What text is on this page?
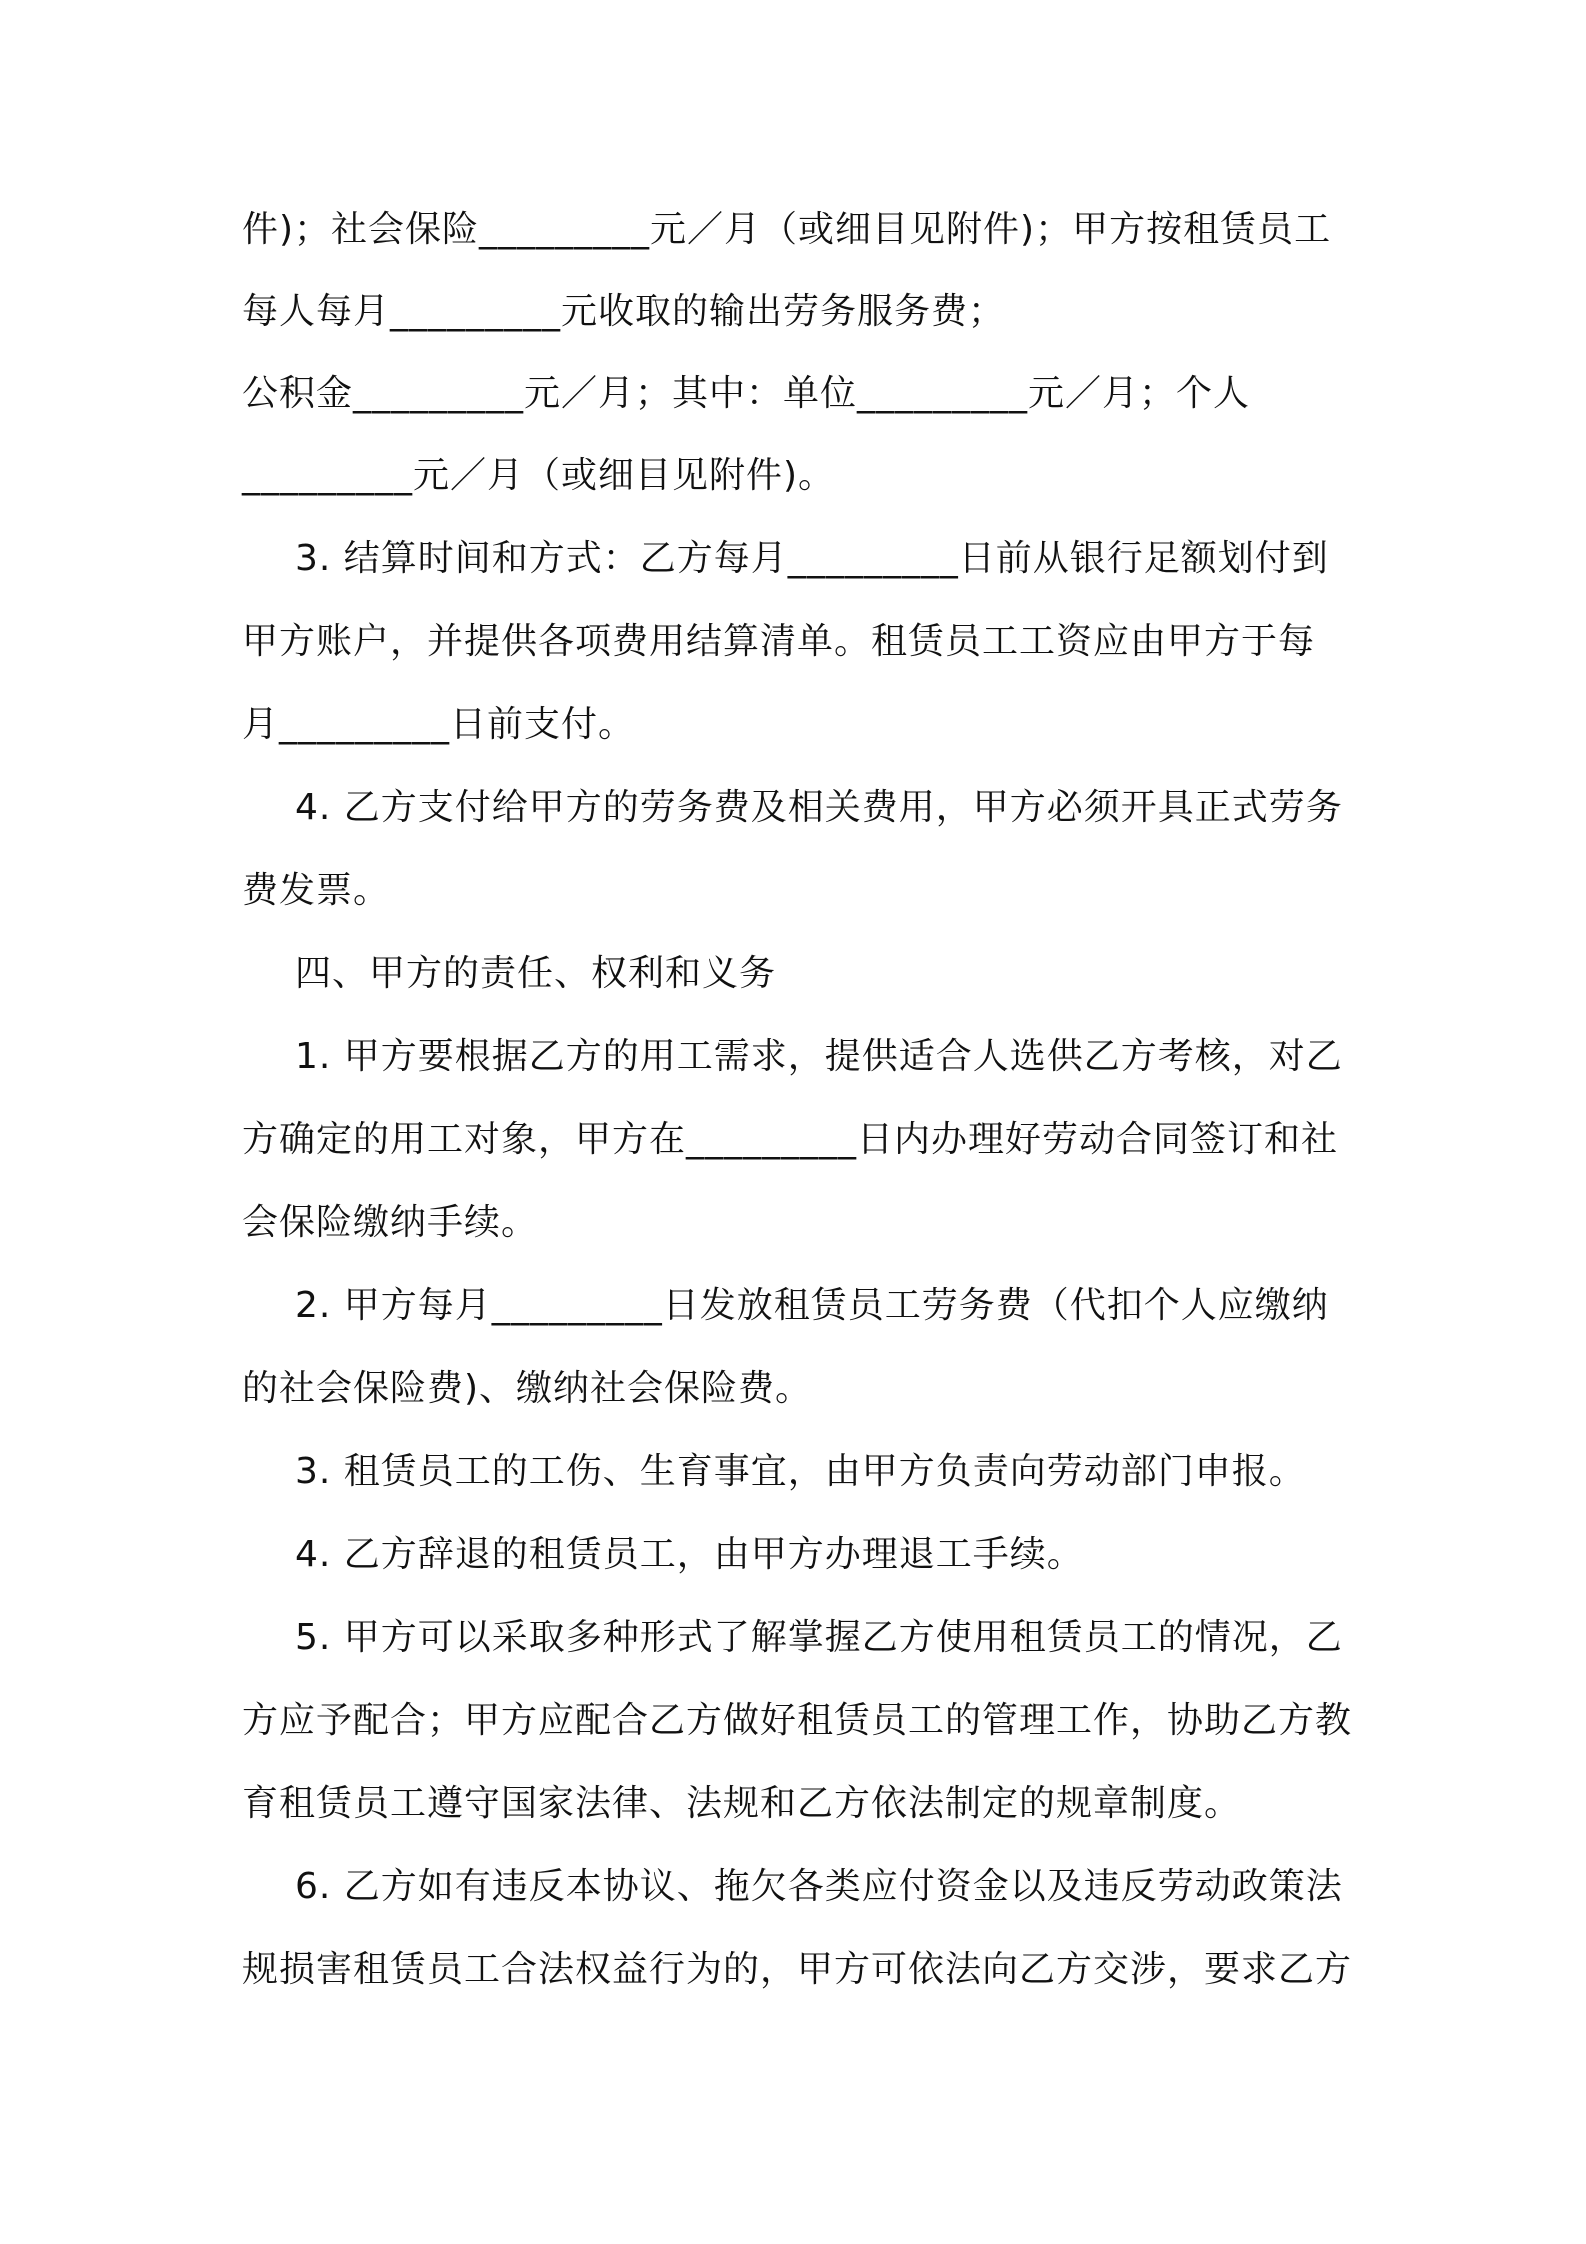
件)；社会保险_________元／月（或细目见附件)；甲方按租赁员工
每人每月_________元收取的输出劳务服务费；
公积金_________元／月；其中：单位_________元／月；个人
_________元／月（或细目见附件)。
3. 结算时间和方式：乙方每月_________日前从银行足额划付到
甲方账户，并提供各项费用结算清单。租赁员工工资应由甲方于每
月_________日前支付。
4. 乙方支付给甲方的劳务费及相关费用，甲方必须开具正式劳务
费发票。
四、甲方的责任、权利和义务
1. 甲方要根据乙方的用工需求，提供适合人选供乙方考核，对乙
方确定的用工对象，甲方在_________日内办理好劳动合同签订和社
会保险缴纳手续。
2. 甲方每月_________日发放租赁员工劳务费（代扣个人应缴纳
的社会保险费)、缴纳社会保险费。
3. 租赁员工的工伤、生育事宜，由甲方负责向劳动部门申报。
4. 乙方辞退的租赁员工，由甲方办理退工手续。
5. 甲方可以采取多种形式了解掌握乙方使用租赁员工的情况，乙
方应予配合；甲方应配合乙方做好租赁员工的管理工作，协助乙方教
育租赁员工遵守国家法律、法规和乙方依法制定的规章制度。
6. 乙方如有违反本协议、拖欠各类应付资金以及违反劳动政策法
规损害租赁员工合法权益行为的，甲方可依法向乙方交涉，要求乙方
